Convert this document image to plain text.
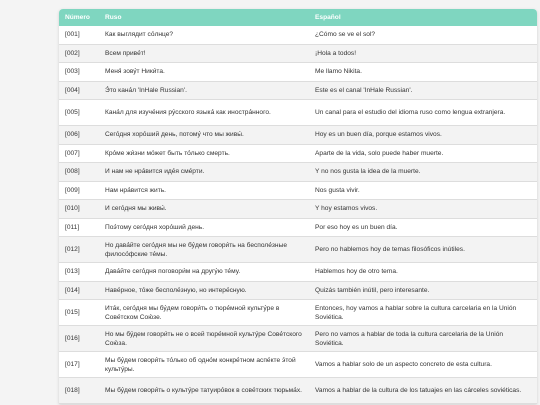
Número	Ruso	Español
[001]	Как выглядит со́лнце?	¿Cómo se ve el sol?
[002]	Всем приве́т!	¡Hola a todos!
[003]	Меня́ зову́т Ники́та.	Me llamo Nikita.
[004]	Э́то кана́л 'InHale Russian'.	Este es el canal 'InHale Russian'.
[005]	Кана́л для изуче́ния ру́сского языка́ как иностра́нного.	Un canal para el estudio del idioma ruso como lengua extranjera.
[006]	Сего́дня хоро́ший день, потому́ что мы живы́.	Hoy es un buen día, porque estamos vivos.
[007]	Кро́ме жи́зни мо́жет быть то́лько смерть.	Aparte de la vida, solo puede haber muerte.
[008]	И нам не нра́вится иде́я сме́рти.	Y no nos gusta la idea de la muerte.
[009]	Нам нра́вится жить.	Nos gusta vivir.
[010]	И сего́дня мы живы́.	Y hoy estamos vivos.
[011]	Поэ́тому сего́дня хоро́ший день.	Por eso hoy es un buen día.
[012]	Но дава́йте сего́дня мы не бу́дем говори́ть на бесполе́зные филосо́фские те́мы.	Pero no hablemos hoy de temas filosóficos inútiles.
[013]	Дава́йте сего́дня поговори́м на другу́ю те́му.	Hablemos hoy de otro tema.
[014]	Наве́рное, то́же бесполе́зную, но интере́сную.	Quizás también inútil, pero interesante.
[015]	Ита́к, сего́дня мы бу́дем говори́ть о тюре́мной культу́ре в Сове́тском Сою́зе.	Entonces, hoy vamos a hablar sobre la cultura carcelaria en la Unión Soviética.
[016]	Но мы бу́дем говори́ть не о всей тюре́мной культу́ре Сове́тского Сою́за.	Pero no vamos a hablar de toda la cultura carcelaria de la Unión Soviética.
[017]	Мы бу́дем говори́ть то́лько об одно́м конкре́тном аспе́кте э́той культу́ры.	Vamos a hablar solo de un aspecto concreto de esta cultura.
[018]	Мы бу́дем говори́ть о культу́ре татуиро́вок в сове́тских тюрьма́х.	Vamos a hablar de la cultura de los tatuajes en las cárceles soviéticas.
